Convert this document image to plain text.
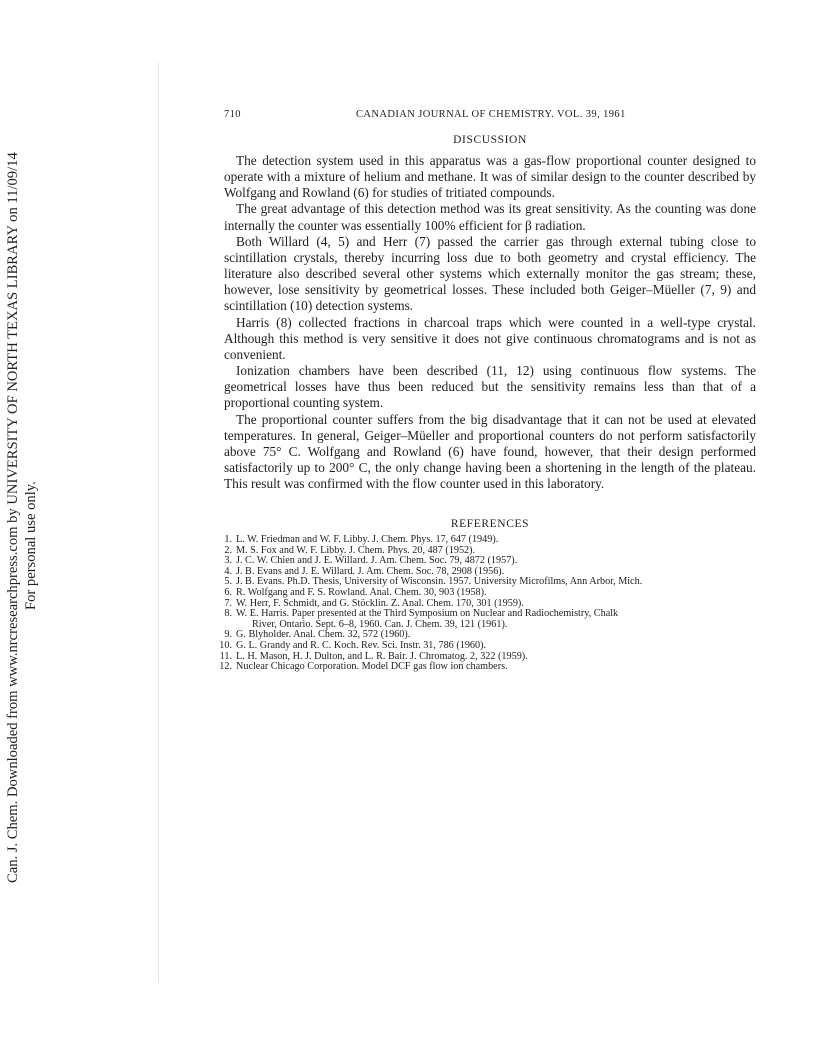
Can. J. Chem. Downloaded from www.nrcresearchpress.com by UNIVERSITY OF NORTH TEXAS LIBRARY on 11/09/14 For personal use only.
710	CANADIAN JOURNAL OF CHEMISTRY. VOL. 39, 1961
DISCUSSION

The detection system used in this apparatus was a gas-flow proportional counter designed to operate with a mixture of helium and methane. It was of similar design to the counter described by Wolfgang and Rowland (6) for studies of tritiated compounds.

The great advantage of this detection method was its great sensitivity. As the counting was done internally the counter was essentially 100% efficient for β radiation.

Both Willard (4, 5) and Herr (7) passed the carrier gas through external tubing close to scintillation crystals, thereby incurring loss due to both geometry and crystal efficiency. The literature also described several other systems which externally monitor the gas stream; these, however, lose sensitivity by geometrical losses. These included both Geiger–Müeller (7, 9) and scintillation (10) detection systems.

Harris (8) collected fractions in charcoal traps which were counted in a well-type crystal. Although this method is very sensitive it does not give continuous chromatograms and is not as convenient.

Ionization chambers have been described (11, 12) using continuous flow systems. The geometrical losses have thus been reduced but the sensitivity remains less than that of a proportional counting system.

The proportional counter suffers from the big disadvantage that it can not be used at elevated temperatures. In general, Geiger–Müeller and proportional counters do not perform satisfactorily above 75° C. Wolfgang and Rowland (6) have found, however, that their design performed satisfactorily up to 200° C, the only change having been a shortening in the length of the plateau. This result was confirmed with the flow counter used in this laboratory.

REFERENCES
1. L. W. Friedman and W. F. Libby. J. Chem. Phys. 17, 647 (1949).
2. M. S. Fox and W. F. Libby. J. Chem. Phys. 20, 487 (1952).
3. J. C. W. Chien and J. E. Willard. J. Am. Chem. Soc. 79, 4872 (1957).
4. J. B. Evans and J. E. Willard. J. Am. Chem. Soc. 78, 2908 (1956).
5. J. B. Evans. Ph.D. Thesis, University of Wisconsin. 1957. University Microfilms, Ann Arbor, Mich.
6. R. Wolfgang and F. S. Rowland. Anal. Chem. 30, 903 (1958).
7. W. Herr, F. Schmidt, and G. Stöcklin. Z. Anal. Chem. 170, 301 (1959).
8. W. E. Harris. Paper presented at the Third Symposium on Nuclear and Radiochemistry, Chalk
River, Ontario. Sept. 6–8, 1960. Can. J. Chem. 39, 121 (1961).
9. G. Blyholder. Anal. Chem. 32, 572 (1960).
10. G. L. Grandy and R. C. Koch. Rev. Sci. Instr. 31, 786 (1960).
11. L. H. Mason, H. J. Dulton, and L. R. Bair. J. Chromatog. 2, 322 (1959).
12. Nuclear Chicago Corporation. Model DCF gas flow ion chambers.
